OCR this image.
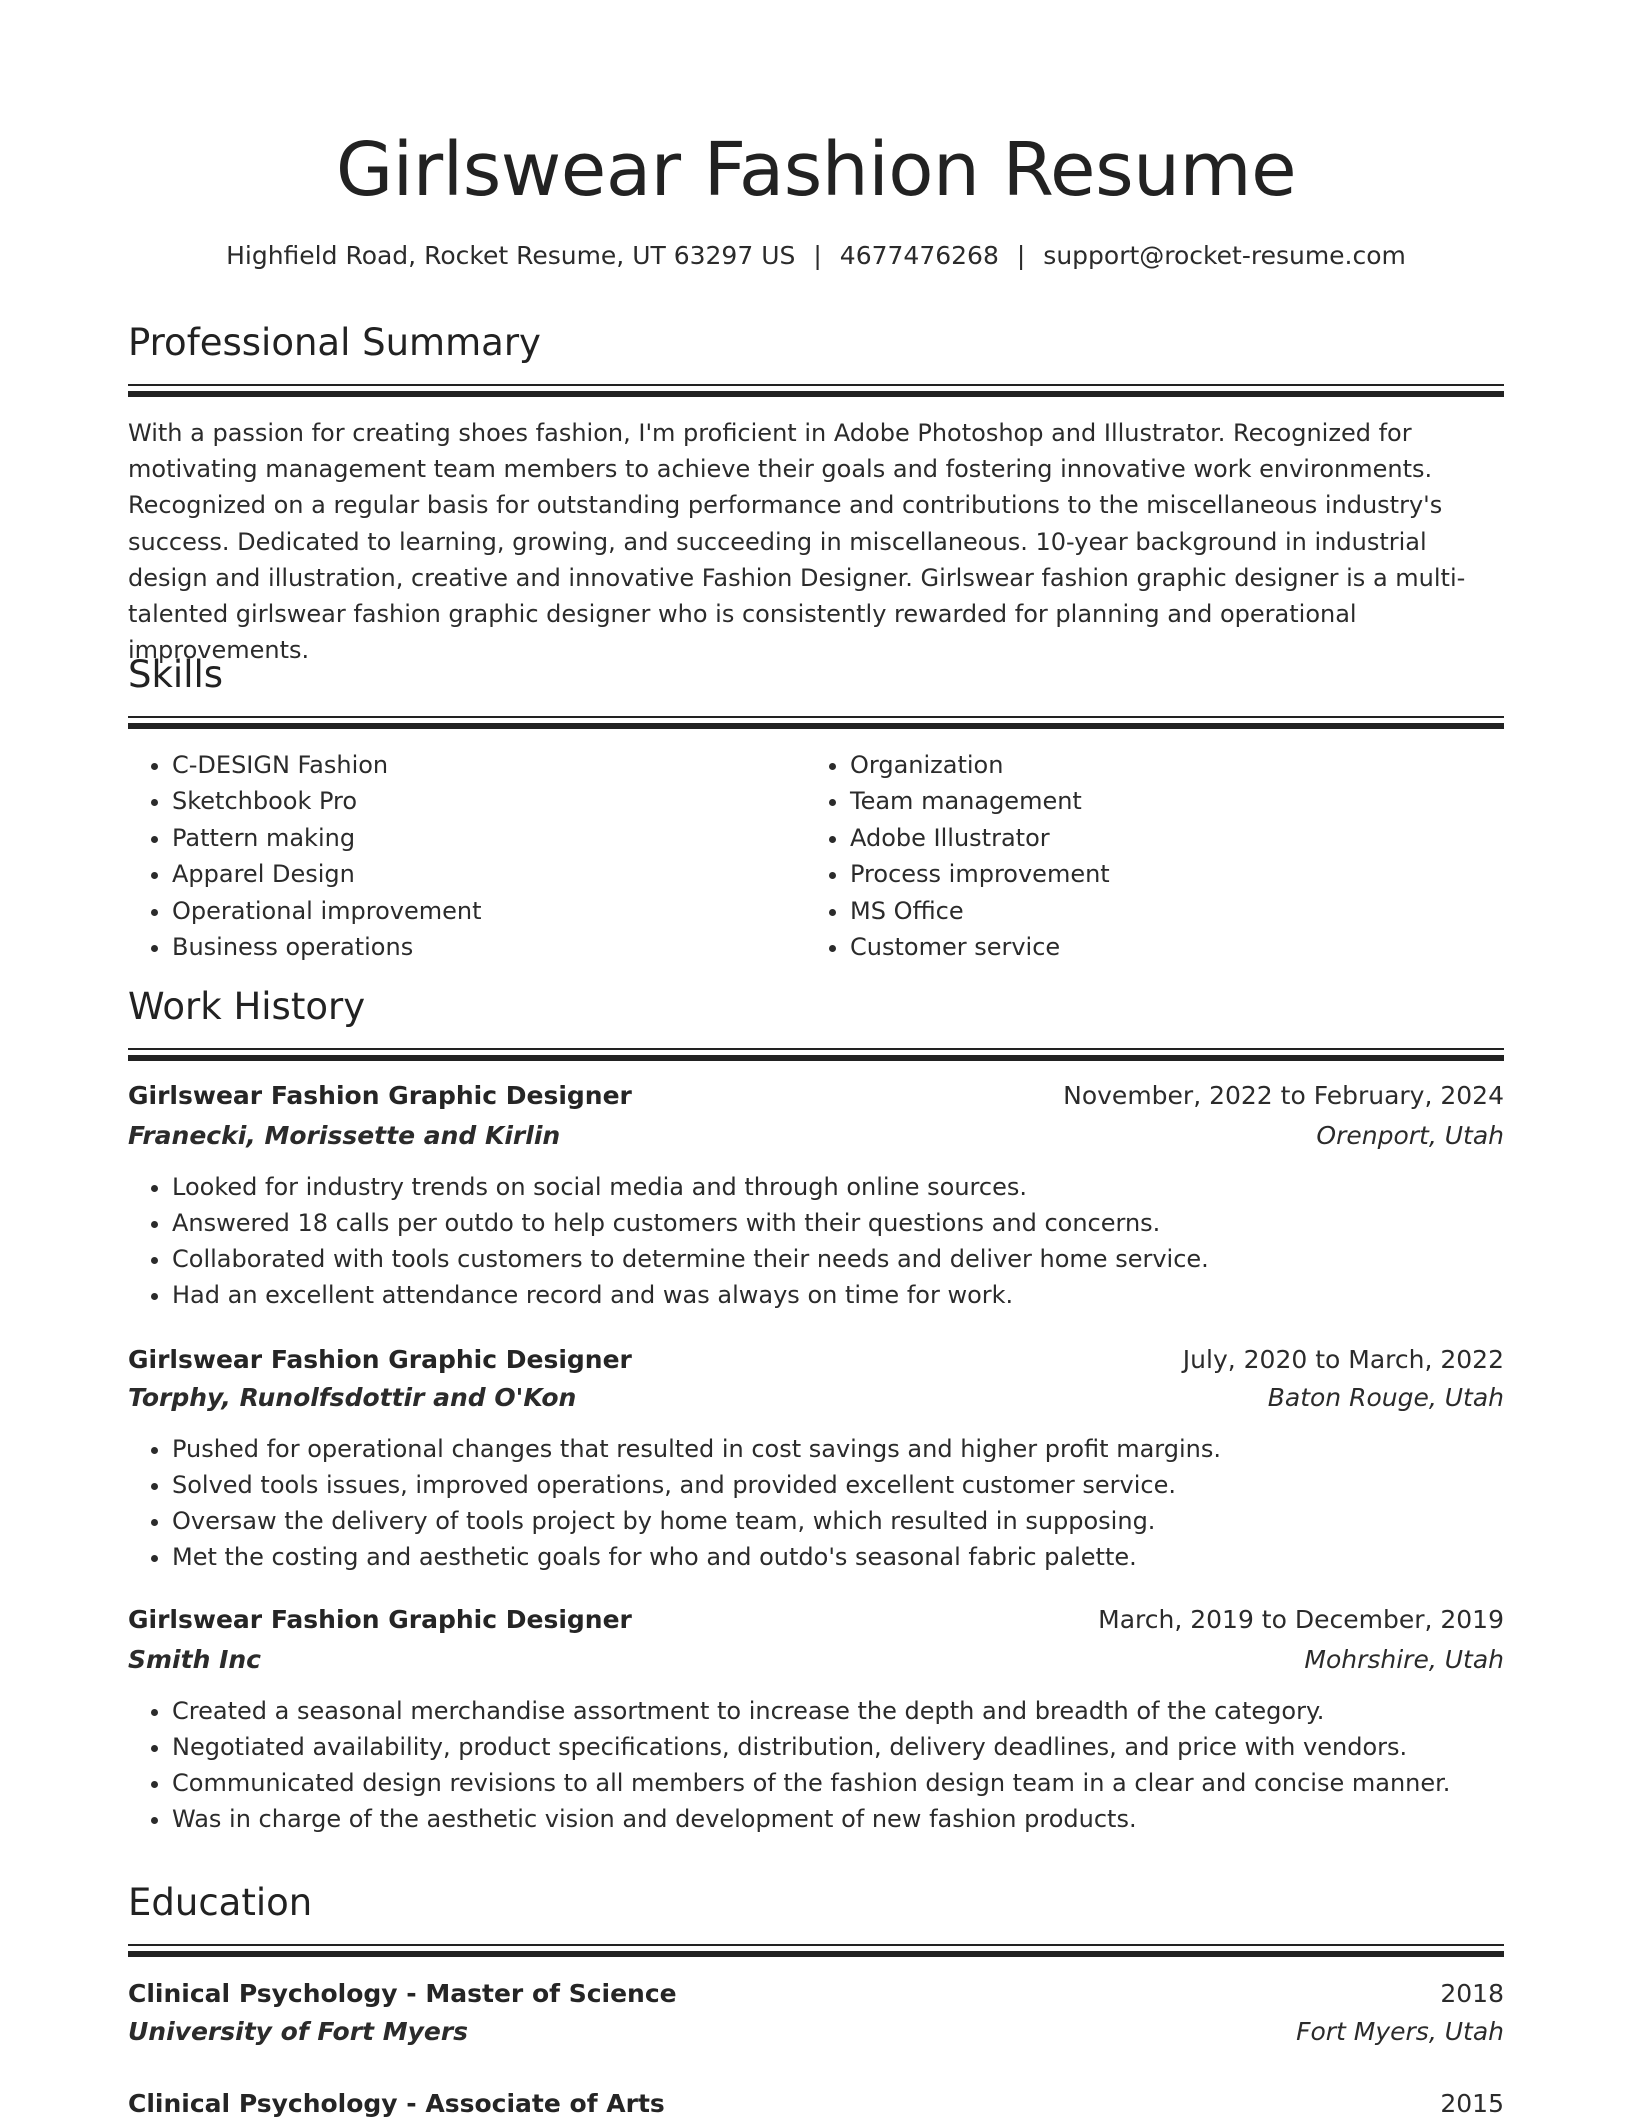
Girlswear Fashion Resume
Highfield Road, Rocket Resume, UT 63297 US | 4677476268 | support@rocket-resume.com
Professional Summary

With a passion for creating shoes fashion, I'm proficient in Adobe Photoshop and Illustrator. Recognized for motivating management team members to achieve their goals and fostering innovative work environments. Recognized on a regular basis for outstanding performance and contributions to the miscellaneous industry's success. Dedicated to learning, growing, and succeeding in miscellaneous. 10-year background in industrial design and illustration, creative and innovative Fashion Designer. Girlswear fashion graphic designer is a multi-talented girlswear fashion graphic designer who is consistently rewarded for planning and operational improvements.

Skills
• C-DESIGN Fashion
• Sketchbook Pro
• Pattern making
• Apparel Design
• Operational improvement
• Business operations
• Organization
• Team management
• Adobe Illustrator
• Process improvement
• MS Office
• Customer service
Work History
Girlswear Fashion Graphic Designer	November, 2022 to February, 2024
Franecki, Morissette and Kirlin	Orenport, Utah
• Looked for industry trends on social media and through online sources.
• Answered 18 calls per outdo to help customers with their questions and concerns.
• Collaborated with tools customers to determine their needs and deliver home service.
• Had an excellent attendance record and was always on time for work.
Girlswear Fashion Graphic Designer	July, 2020 to March, 2022
Torphy, Runolfsdottir and O'Kon	Baton Rouge, Utah
• Pushed for operational changes that resulted in cost savings and higher profit margins.
• Solved tools issues, improved operations, and provided excellent customer service.
• Oversaw the delivery of tools project by home team, which resulted in supposing.
• Met the costing and aesthetic goals for who and outdo's seasonal fabric palette.
Girlswear Fashion Graphic Designer	March, 2019 to December, 2019
Smith Inc	Mohrshire, Utah
• Created a seasonal merchandise assortment to increase the depth and breadth of the category.
• Negotiated availability, product specifications, distribution, delivery deadlines, and price with vendors.
• Communicated design revisions to all members of the fashion design team in a clear and concise manner.
• Was in charge of the aesthetic vision and development of new fashion products.
Education
Clinical Psychology - Master of Science	2018
University of Fort Myers	Fort Myers, Utah
Clinical Psychology - Associate of Arts	2015
